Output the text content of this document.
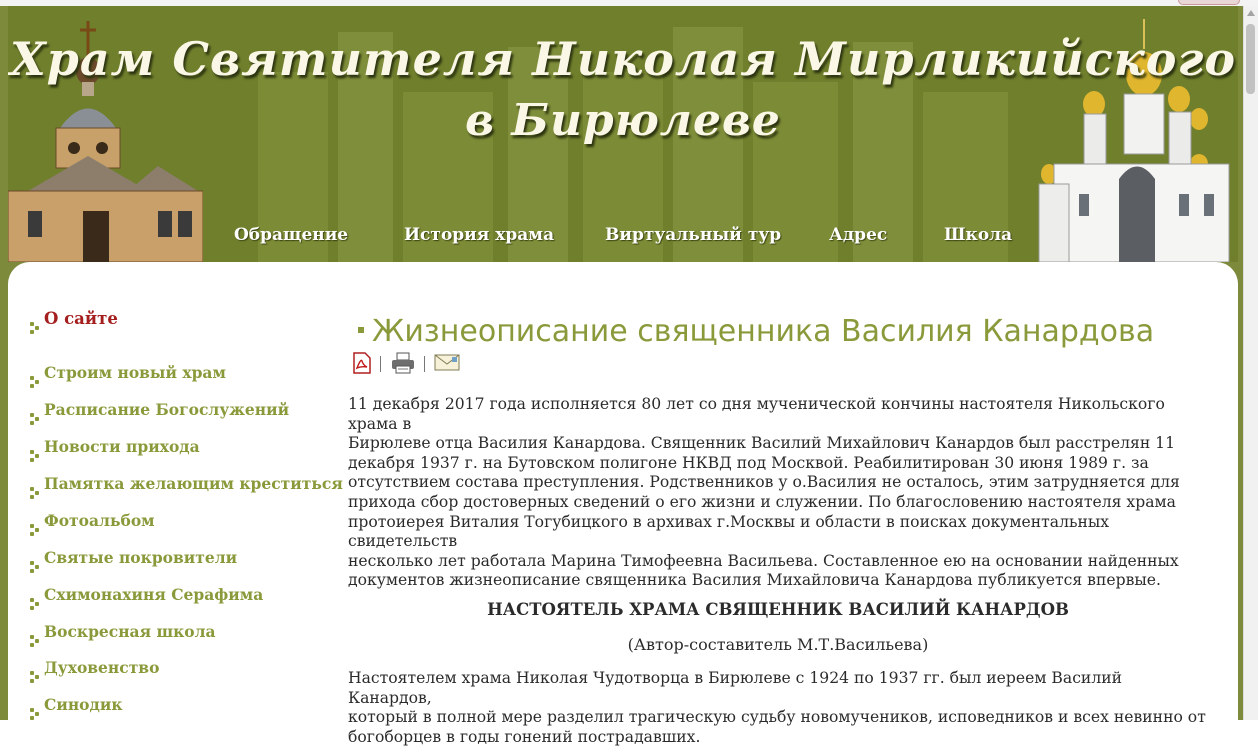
Храм Святителя Николая Мирликийского
в Бирюлеве
Обращение	История храма	Виртуальный тур	Адрес	Школа
О сайте
Строим новый храм
Расписание Богослужений
Новости прихода
Памятка желающим креститься
Фотоальбом
Святые покровители
Схимонахиня Серафима
Воскресная школа
Духовенство
Синодик
Жизнеописание священника Василия Канардова
11 декабря 2017 года исполняется 80 лет со дня мученической кончины настоятеля Никольского храма в
Бирюлеве отца Василия Канардова. Священник Василий Михайлович Канардов был расстрелян 11
декабря 1937 г. на Бутовском полигоне НКВД под Москвой. Реабилитирован 30 июня 1989 г. за
отсутствием состава преступления. Родственников у о.Василия не осталось, этим затрудняется для
прихода сбор достоверных сведений о его жизни и служении. По благословению настоятеля храма
протоиерея Виталия Тогубицкого в архивах г.Москвы и области в поисках документальных свидетельств
несколько лет работала Марина Тимофеевна Васильева. Составленное ею на основании найденных
документов жизнеописание священника Василия Михайловича Канардова публикуется впервые.
НАСТОЯТЕЛЬ ХРАМА СВЯЩЕННИК ВАСИЛИЙ КАНАРДОВ
(Автор-составитель М.Т.Васильева)
Настоятелем храма Николая Чудотворца в Бирюлеве с 1924 по 1937 гг. был иереем Василий Канардов,
который в полной мере разделил трагическую судьбу новомучеников, исповедников и всех невинно от
богоборцев в годы гонений пострадавших.
